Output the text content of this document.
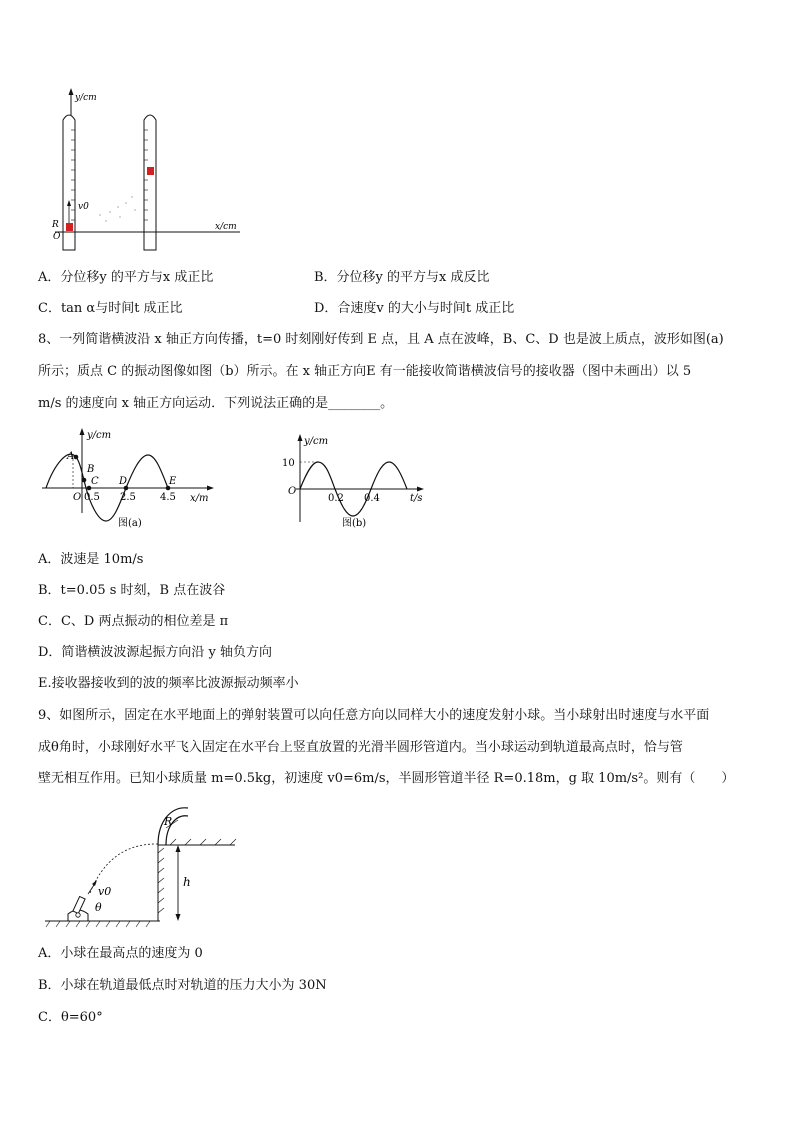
y/cm
x/cm
v0
R
O
A．分位移y 的平方与x 成正比	B．分位移y 的平方与x 成反比
C．tan α与时间t 成正比	D．合速度v 的大小与时间t 成正比
8、一列简谐横波沿 x 轴正方向传播，t=0 时刻刚好传到 E 点，且 A 点在波峰，B、C、D 也是波上质点，波形如图(a)
所示；质点 C 的振动图像如图（b）所示。在 x 轴正方向E 有一能接收简谐横波信号的接收器（图中未画出）以 5
m/s 的速度向 x 轴正方向运动．下列说法正确的是________。
y/cm
x/m
A
B
C D	E
O 0.5 2.5 4.5
图(a)
y/cm
t/s
10
O
0.2 0.4
图(b)
A．波速是 10m/s
B．t=0.05 s 时刻，B 点在波谷
C．C、D 两点振动的相位差是 π
D．简谐横波波源起振方向沿 y 轴负方向
E.接收器接收到的波的频率比波源振动频率小
9、如图所示，固定在水平地面上的弹射装置可以向任意方向以同样大小的速度发射小球。当小球射出时速度与水平面
成θ角时，小球刚好水平飞入固定在水平台上竖直放置的光滑半圆形管道内。当小球运动到轨道最高点时，恰与管
壁无相互作用。已知小球质量 m=0.5kg，初速度 v0=6m/s，半圆形管道半径 R=0.18m，g 取 10m/s²。则有（　　）
R
h
v0
θ
A．小球在最高点的速度为 0
B．小球在轨道最低点时对轨道的压力大小为 30N
C．θ=60°
